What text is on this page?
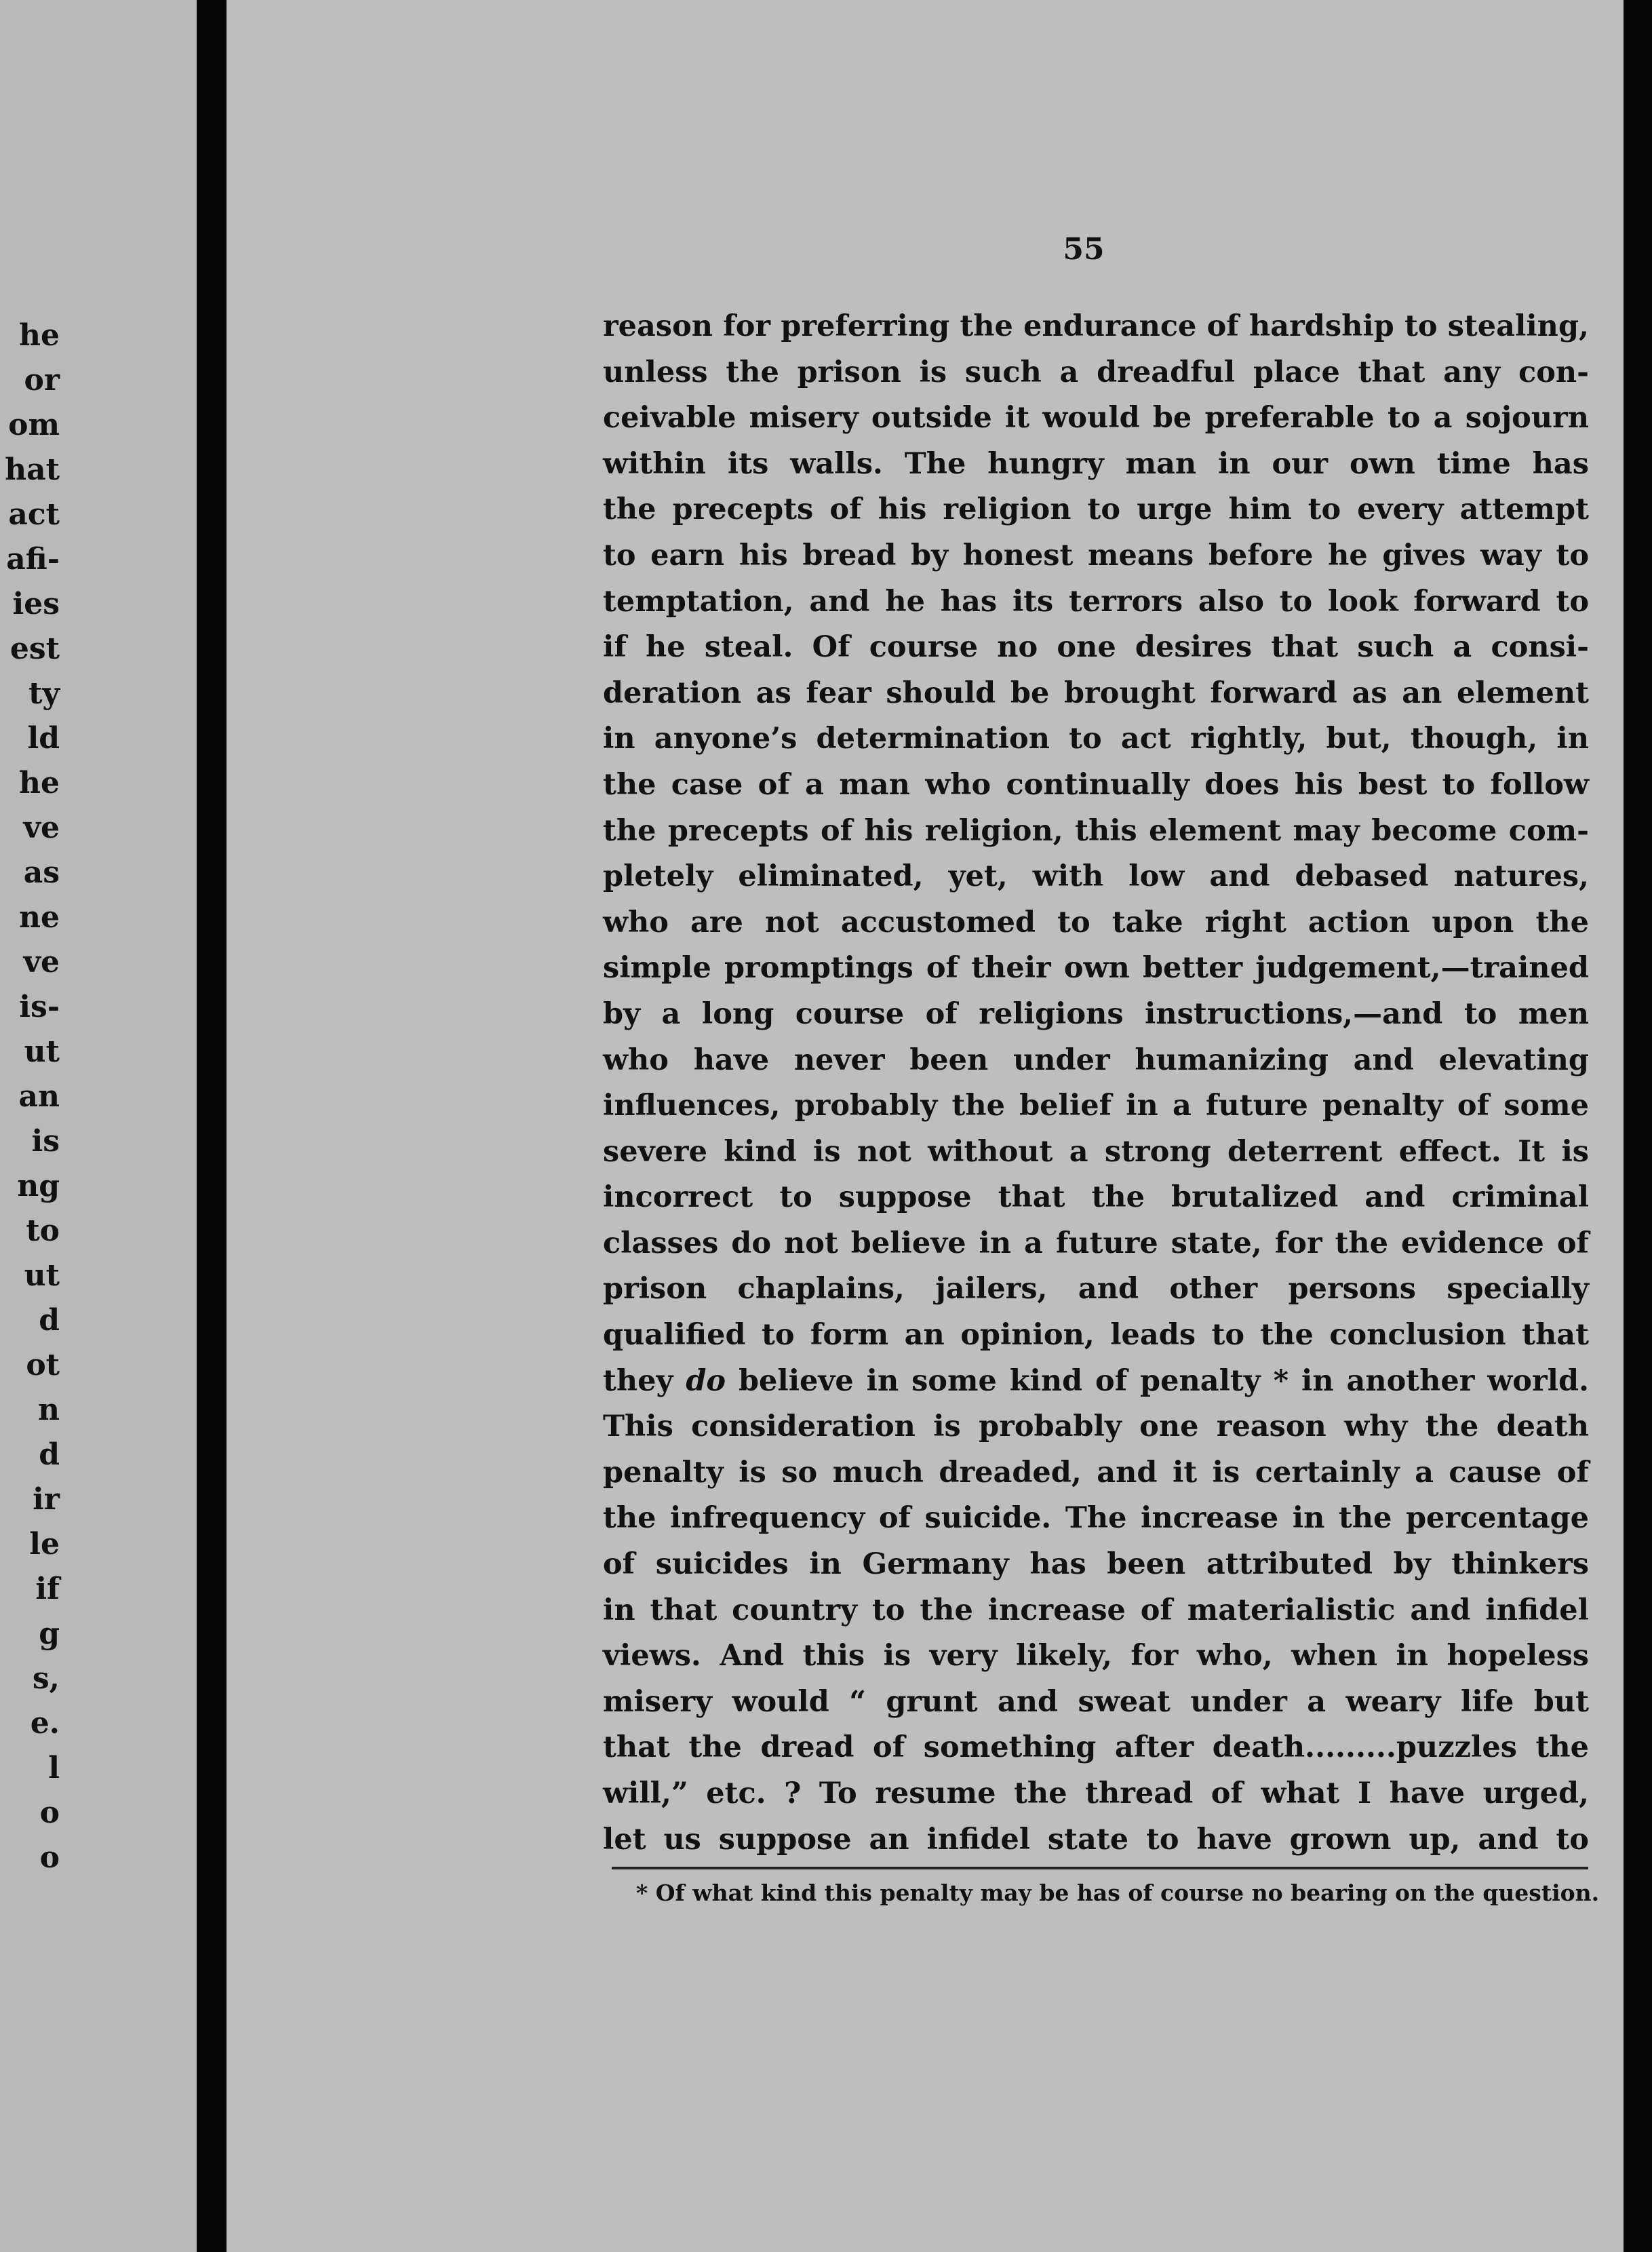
he
or
om
hat
act
afi-
ies
est
ty
ld
he
ve
as
ne
ve
is-
ut
an
is
ng
to
ut
d
ot
n
d
ir
le
if
g
s,
e.
l
o
o
55
reason for preferring the endurance of hardship to stealing,
unless the prison is such a dreadful place that any con-
ceivable misery outside it would be preferable to a sojourn
within its walls. The hungry man in our own time has
the precepts of his religion to urge him to every attempt
to earn his bread by honest means before he gives way to
temptation, and he has its terrors also to look forward to
if he steal. Of course no one desires that such a consi-
deration as fear should be brought forward as an element
in anyone’s determination to act rightly, but, though, in
the case of a man who continually does his best to follow
the precepts of his religion, this element may become com-
pletely eliminated, yet, with low and debased natures,
who are not accustomed to take right action upon the
simple promptings of their own better judgement,—trained
by a long course of religions instructions,—and to men
who have never been under humanizing and elevating
influences, probably the belief in a future penalty of some
severe kind is not without a strong deterrent effect. It is
incorrect to suppose that the brutalized and criminal
classes do not believe in a future state, for the evidence of
prison chaplains, jailers, and other persons specially
qualified to form an opinion, leads to the conclusion that
they do believe in some kind of penalty * in another world.
This consideration is probably one reason why the death
penalty is so much dreaded, and it is certainly a cause of
the infrequency of suicide. The increase in the percentage
of suicides in Germany has been attributed by thinkers
in that country to the increase of materialistic and infidel
views. And this is very likely, for who, when in hopeless
misery would “ grunt and sweat under a weary life but
that the dread of something after death.........puzzles the
will,” etc. ? To resume the thread of what I have urged,
let us suppose an infidel state to have grown up, and to
* Of what kind this penalty may be has of course no bearing on the question.
